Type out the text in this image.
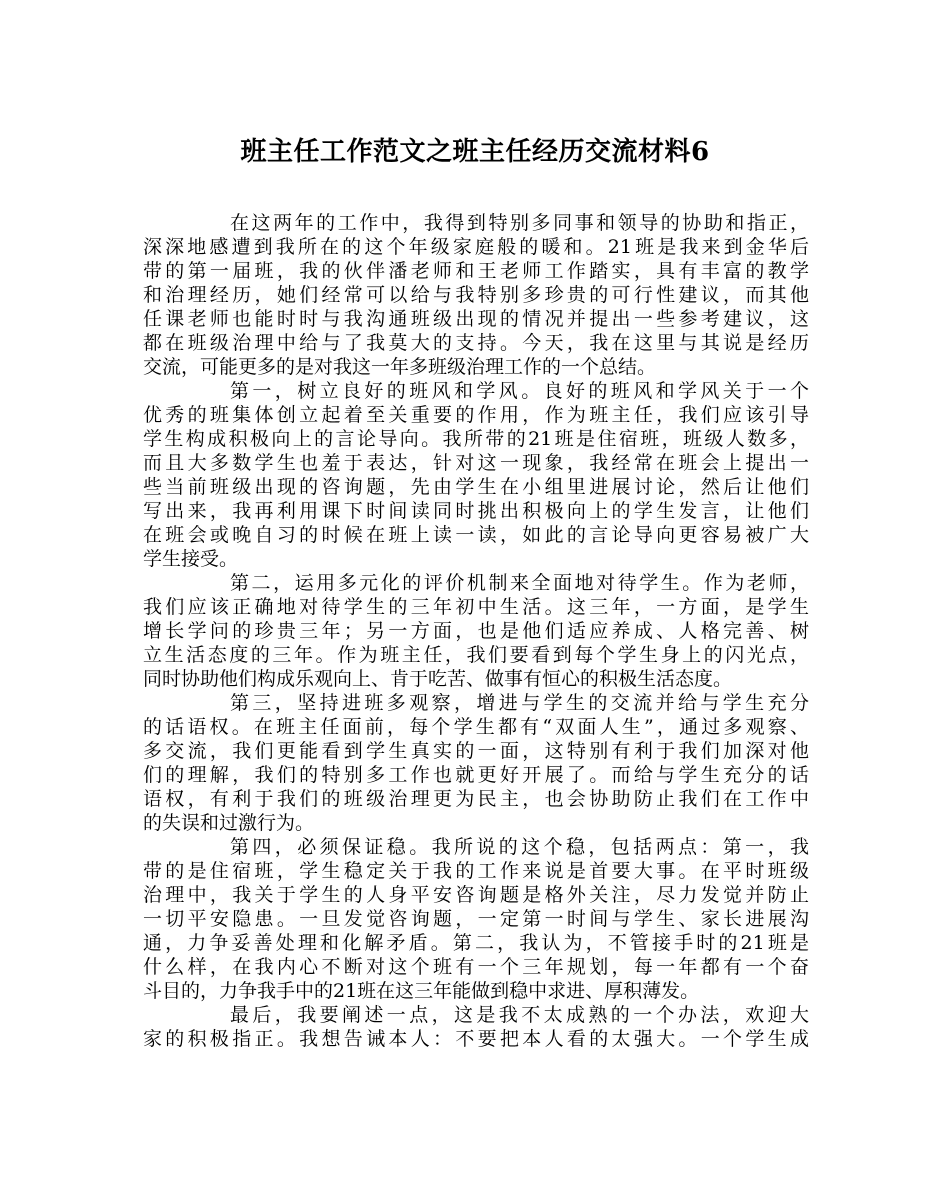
班主任工作范文之班主任经历交流材料6
在这两年的工作中，我得到特别多同事和领导的协助和指正，
深深地感遭到我所在的这个年级家庭般的暖和。21班是我来到金华后
带的第一届班，我的伙伴潘老师和王老师工作踏实，具有丰富的教学
和治理经历，她们经常可以给与我特别多珍贵的可行性建议，而其他
任课老师也能时时与我沟通班级出现的情况并提出一些参考建议，这
都在班级治理中给与了我莫大的支持。今天，我在这里与其说是经历
交流，可能更多的是对我这一年多班级治理工作的一个总结。
第一，树立良好的班风和学风。良好的班风和学风关于一个
优秀的班集体创立起着至关重要的作用，作为班主任，我们应该引导
学生构成积极向上的言论导向。我所带的21班是住宿班，班级人数多，
而且大多数学生也羞于表达，针对这一现象，我经常在班会上提出一
些当前班级出现的咨询题，先由学生在小组里进展讨论，然后让他们
写出来，我再利用课下时间读同时挑出积极向上的学生发言，让他们
在班会或晚自习的时候在班上读一读，如此的言论导向更容易被广大
学生接受。
第二，运用多元化的评价机制来全面地对待学生。作为老师，
我们应该正确地对待学生的三年初中生活。这三年，一方面，是学生
增长学问的珍贵三年；另一方面，也是他们适应养成、人格完善、树
立生活态度的三年。作为班主任，我们要看到每个学生身上的闪光点，
同时协助他们构成乐观向上、肯于吃苦、做事有恒心的积极生活态度。
第三，坚持进班多观察，增进与学生的交流并给与学生充分
的话语权。在班主任面前，每个学生都有“双面人生”，通过多观察、
多交流，我们更能看到学生真实的一面，这特别有利于我们加深对他
们的理解，我们的特别多工作也就更好开展了。而给与学生充分的话
语权，有利于我们的班级治理更为民主，也会协助防止我们在工作中
的失误和过激行为。
第四，必须保证稳。我所说的这个稳，包括两点：第一，我
带的是住宿班，学生稳定关于我的工作来说是首要大事。在平时班级
治理中，我关于学生的人身平安咨询题是格外关注，尽力发觉并防止
一切平安隐患。一旦发觉咨询题，一定第一时间与学生、家长进展沟
通，力争妥善处理和化解矛盾。第二，我认为，不管接手时的21班是
什么样，在我内心不断对这个班有一个三年规划，每一年都有一个奋
斗目的，力争我手中的21班在这三年能做到稳中求进、厚积薄发。
最后，我要阐述一点，这是我不太成熟的一个办法，欢迎大
家的积极指正。我想告诫本人：不要把本人看的太强大。一个学生成
